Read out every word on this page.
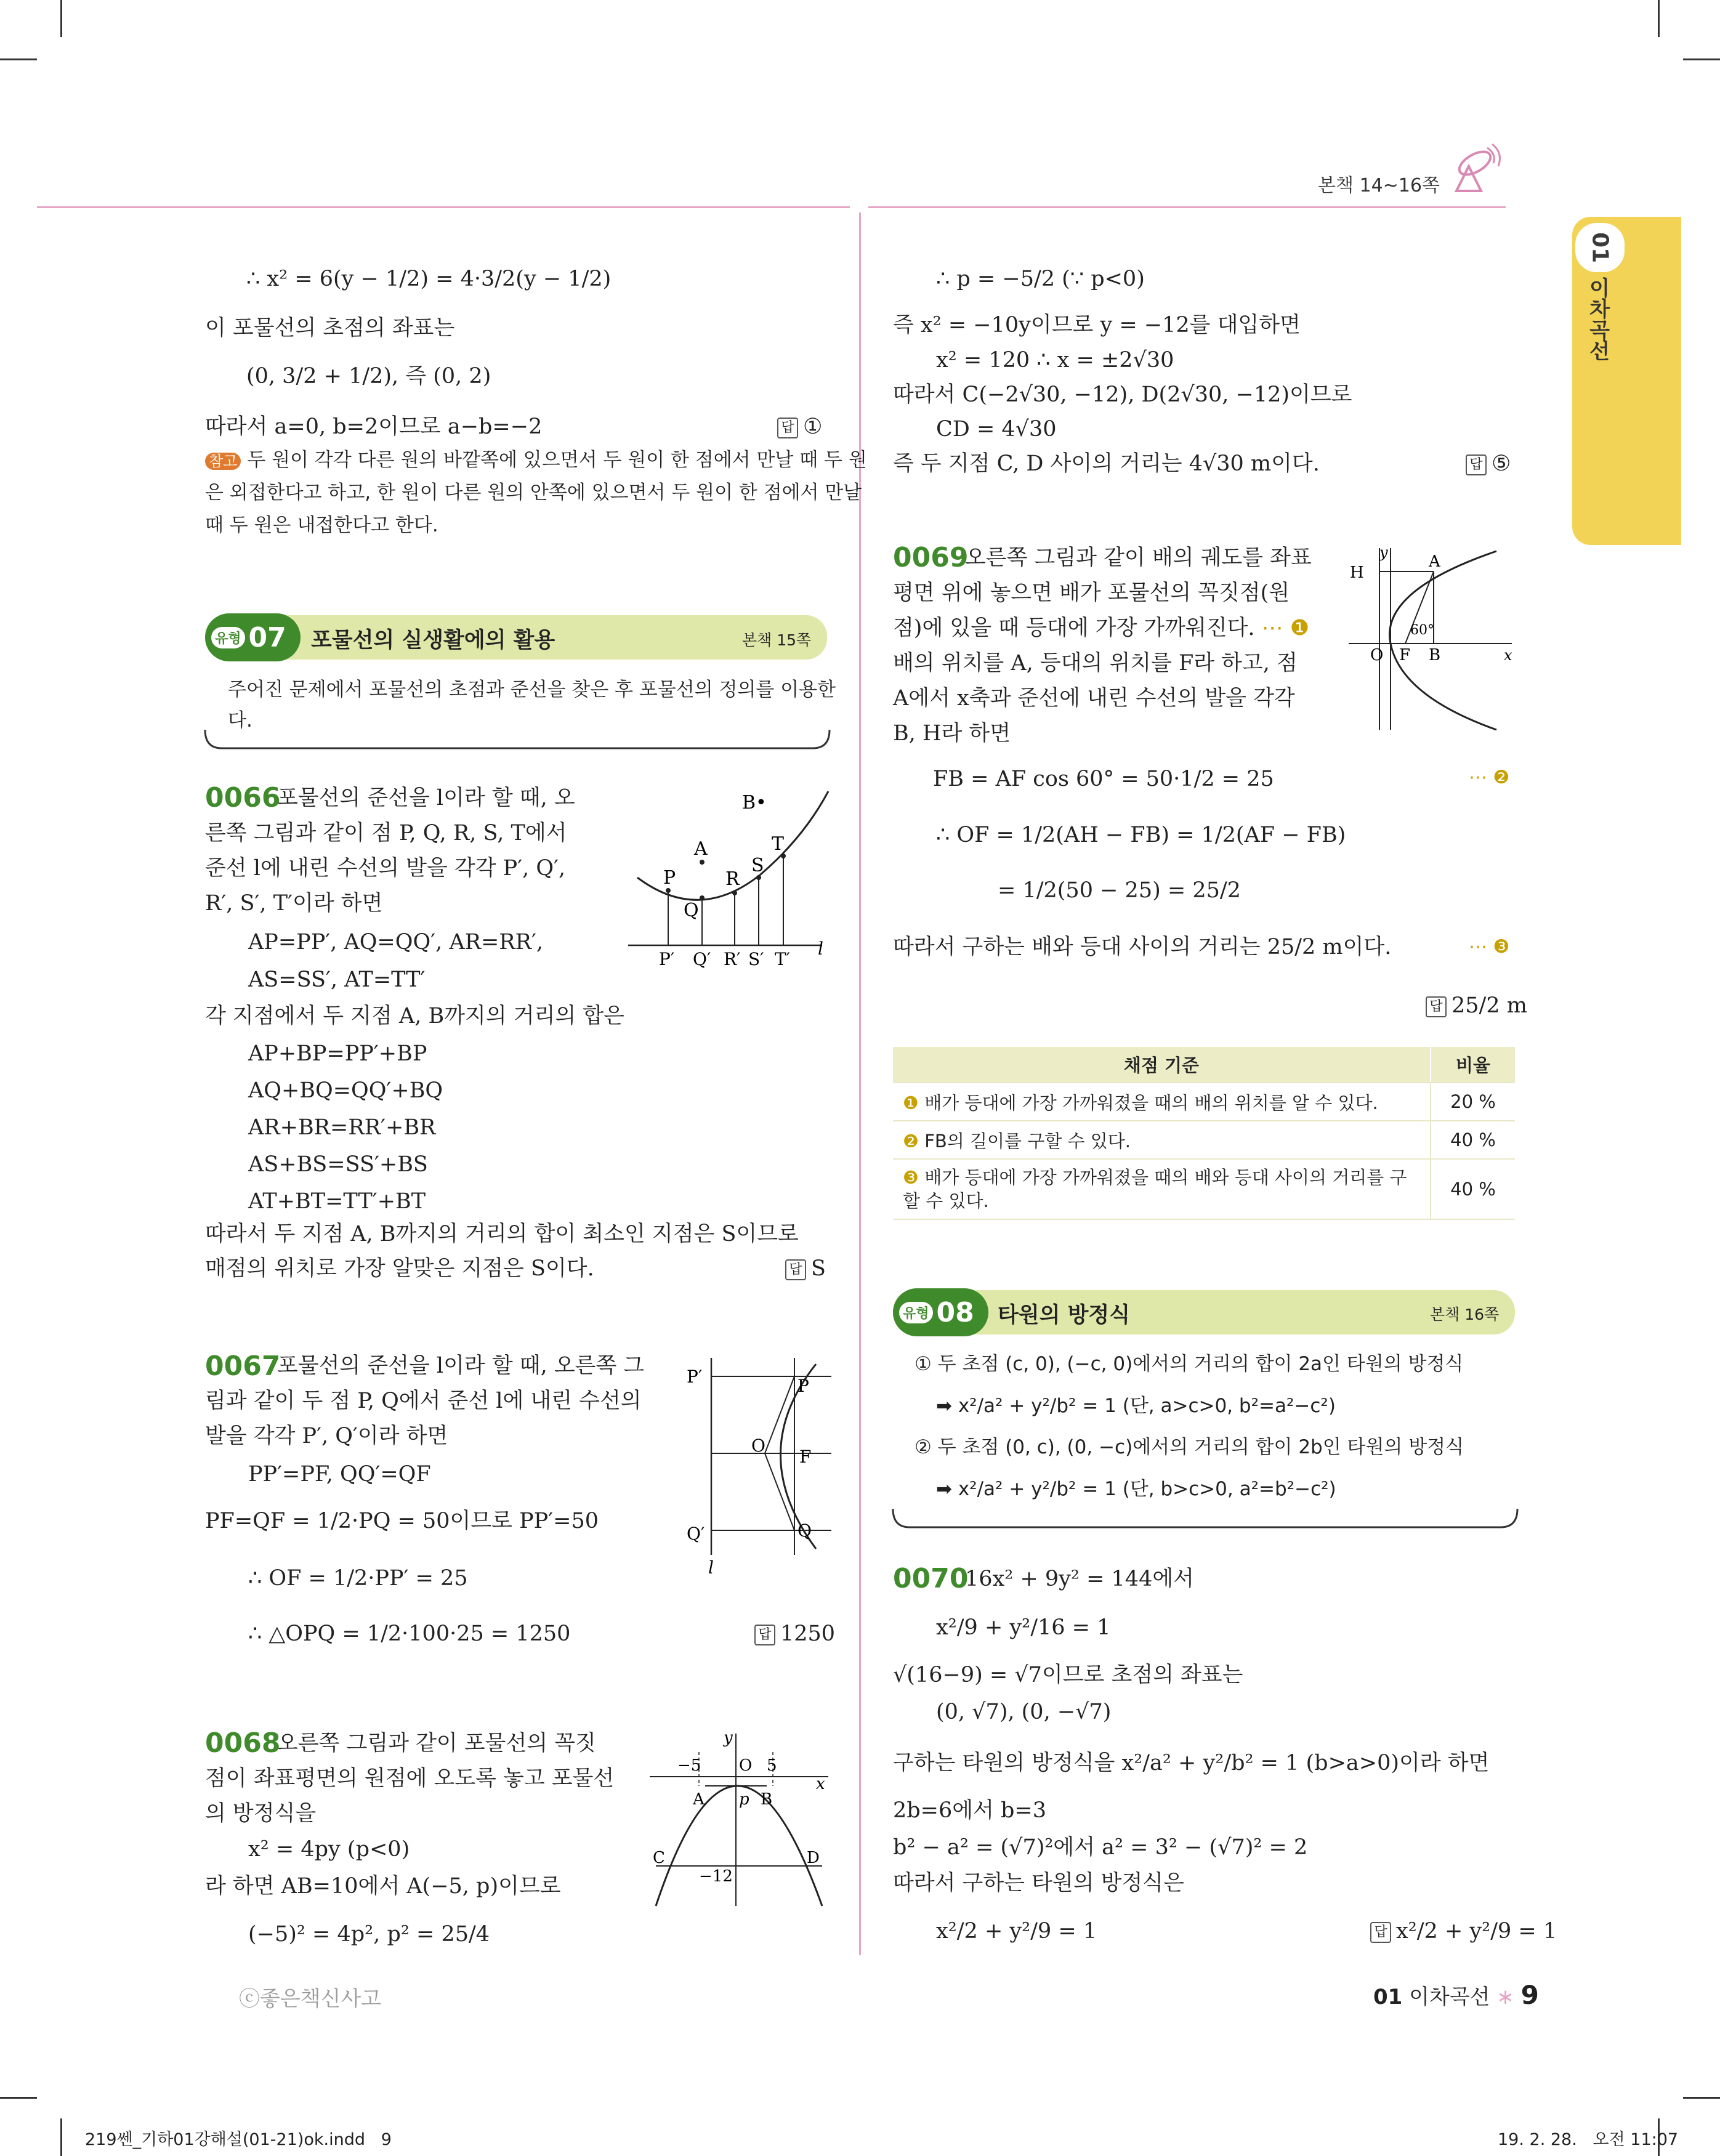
본책 14~16쪽
01
이차곡선
∴ x² = 6(y − 1/2) = 4·3/2(y − 1/2)
이 포물선의 초점의 좌표는
(0, 3/2 + 1/2), 즉 (0, 2)
따라서 a=0, b=2이므로 a−b=−2	답 ①
참고 두 원이 각각 다른 원의 바깥쪽에 있으면서 두 원이 한 점에서 만날 때 두 원
은 외접한다고 하고, 한 원이 다른 원의 안쪽에 있으면서 두 원이 한 점에서 만날
때 두 원은 내접한다고 한다.
유형 07 포물선의 실생활에의 활용	본책 15쪽
주어진 문제에서 포물선의 초점과 준선을 찾은 후 포물선의 정의를 이용한
다.
0066
포물선의 준선을 l이라 할 때, 오
른쪽 그림과 같이 점 P, Q, R, S, T에서
준선 l에 내린 수선의 발을 각각 P′, Q′,
R′, S′, T′이라 하면
AP=PP′, AQ=QQ′, AR=RR′,
AS=SS′, AT=TT′
각 지점에서 두 지점 A, B까지의 거리의 합은
AP+BP=PP′+BP
AQ+BQ=QQ′+BQ
AR+BR=RR′+BR
AS+BS=SS′+BS
AT+BT=TT′+BT
따라서 두 지점 A, B까지의 거리의 합이 최소인 지점은 S이므로
매점의 위치로 가장 알맞은 지점은 S이다.	답 S
B•
A	T
S
R
P
Q
P′ Q′ R′ S′ T′
l
0067
포물선의 준선을 l이라 할 때, 오른쪽 그
림과 같이 두 점 P, Q에서 준선 l에 내린 수선의
발을 각각 P′, Q′이라 하면
PP′=PF, QQ′=QF
PF=QF = 1/2·PQ = 50이므로 PP′=50
∴ OF = 1/2·PP′ = 25
∴ △OPQ = 1/2·100·25 = 1250	답 1250
P′	P
O
F
Q′	Q
l
0068
오른쪽 그림과 같이 포물선의 꼭짓
점이 좌표평면의 원점에 오도록 놓고 포물선
의 방정식을
x² = 4py (p<0)
라 하면 AB=10에서 A(−5, p)이므로
(−5)² = 4p², p² = 25/4
y
−5 O 5
x
A p B
C	D
−12
∴ p = −5/2 (∵ p<0)
즉 x² = −10y이므로 y = −12를 대입하면
x² = 120 ∴ x = ±2√30
따라서 C(−2√30, −12), D(2√30, −12)이므로
CD = 4√30
즉 두 지점 C, D 사이의 거리는 4√30 m이다.	답 ⑤
0069
오른쪽 그림과 같이 배의 궤도를 좌표
평면 위에 놓으면 배가 포물선의 꼭짓점(원
점)에 있을 때 등대에 가장 가까워진다. ⋯ ❶
배의 위치를 A, 등대의 위치를 F라 하고, 점
A에서 x축과 준선에 내린 수선의 발을 각각
B, H라 하면
FB = AF cos 60° = 50·1/2 = 25	⋯ ❷
∴ OF = 1/2(AH − FB) = 1/2(AF − FB)
= 1/2(50 − 25) = 25/2
따라서 구하는 배와 등대 사이의 거리는 25/2 m이다.	⋯ ❸
답 25/2 m
y
H
A
60°
O F B	x
채점 기준	비율
❶ 배가 등대에 가장 가까워졌을 때의 배의 위치를 알 수 있다.	20 %
❷ FB의 길이를 구할 수 있다.	40 %
❸ 배가 등대에 가장 가까워졌을 때의 배와 등대 사이의 거리를 구할 수 있다.	40 %
유형 08 타원의 방정식	본책 16쪽
① 두 초점 (c, 0), (−c, 0)에서의 거리의 합이 2a인 타원의 방정식
➡ x²/a² + y²/b² = 1 (단, a>c>0, b²=a²−c²)
② 두 초점 (0, c), (0, −c)에서의 거리의 합이 2b인 타원의 방정식
➡ x²/a² + y²/b² = 1 (단, b>c>0, a²=b²−c²)
0070
16x² + 9y² = 144에서
x²/9 + y²/16 = 1
√(16−9) = √7이므로 초점의 좌표는
(0, √7), (0, −√7)
구하는 타원의 방정식을 x²/a² + y²/b² = 1 (b>a>0)이라 하면
2b=6에서 b=3
b² − a² = (√7)²에서 a² = 3² − (√7)² = 2
따라서 구하는 타원의 방정식은
x²/2 + y²/9 = 1	답 x²/2 + y²/9 = 1
ⓒ좋은책신사고	01 이차곡선 ∗ 9
219쎈_기하01강해설(01-21)ok.indd   9	19. 2. 28.   오전 11:07
